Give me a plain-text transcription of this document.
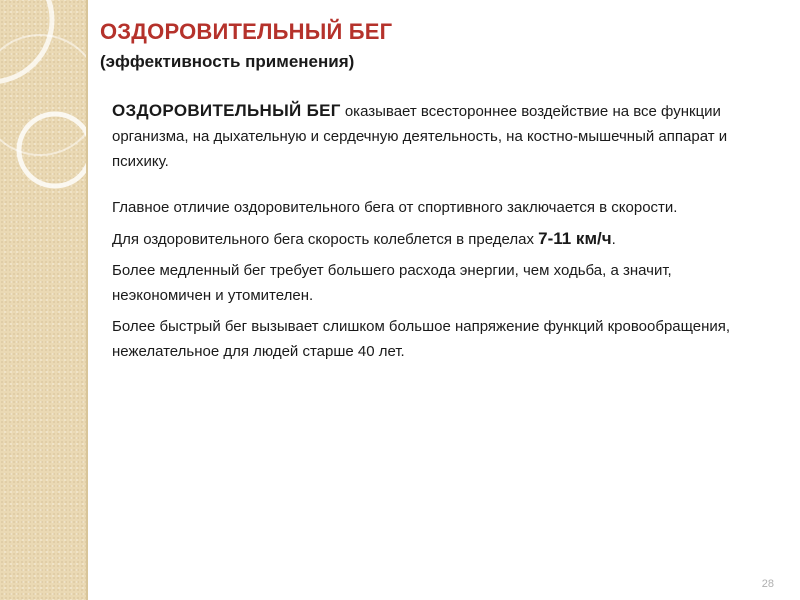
ОЗДОРОВИТЕЛЬНЫЙ БЕГ
(эффективность применения)

ОЗДОРОВИТЕЛЬНЫЙ БЕГ оказывает всестороннее воздействие на все функции организма, на дыхательную и сердечную деятельность, на костно-мышечный аппарат и психику.

Главное отличие оздоровительного бега от спортивного заключается в скорости.

Для оздоровительного бега скорость колеблется в пределах 7-11 км/ч.

Более медленный бег требует большего расхода энергии, чем ходьба, а значит, неэкономичен и утомителен.

Более быстрый бег вызывает слишком большое напряжение функций кровообращения, нежелательное для людей старше 40 лет.

28
